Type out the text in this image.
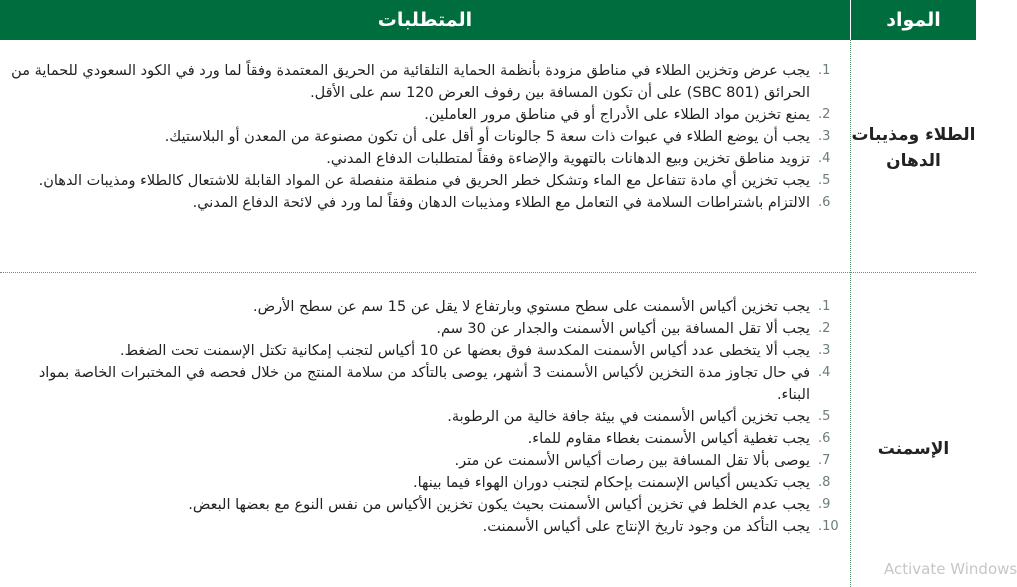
المتطلبات	المواد
الطلاء ومذيبات الدهان
الإسمنت
1.
يجب عرض وتخزين الطلاء في مناطق مزودة بأنظمة الحماية التلقائية من الحريق المعتمدة وفقاً لما ورد في الكود السعودي للحماية من الحرائق (SBC 801) على أن تكون المسافة بين رفوف العرض 120 سم على الأقل.
2.
يمنع تخزين مواد الطلاء على الأدراج أو في مناطق مرور العاملين.
3.
يجب أن يوضع الطلاء في عبوات ذات سعة 5 جالونات أو أقل على أن تكون مصنوعة من المعدن أو البلاستيك.
4.
تزويد مناطق تخزين وبيع الدهانات بالتهوية والإضاءة وفقاً لمتطلبات الدفاع المدني.
5.
يجب تخزين أي مادة تتفاعل مع الماء وتشكل خطر الحريق في منطقة منفصلة عن المواد القابلة للاشتعال كالطلاء ومذيبات الدهان.
6.
الالتزام باشتراطات السلامة في التعامل مع الطلاء ومذيبات الدهان وفقاً لما ورد في لائحة الدفاع المدني.
1.
يجب تخزين أكياس الأسمنت على سطح مستوي وبارتفاع لا يقل عن 15 سم عن سطح الأرض.
2.
يجب ألا تقل المسافة بين أكياس الأسمنت والجدار عن 30 سم.
3.
يجب ألا يتخطى عدد أكياس الأسمنت المكدسة فوق بعضها عن 10 أكياس لتجنب إمكانية تكتل الإسمنت تحت الضغط.
4.
في حال تجاوز مدة التخزين لأكياس الأسمنت 3 أشهر، يوصى بالتأكد من سلامة المنتج من خلال فحصه في المختبرات الخاصة بمواد البناء.
5.
يجب تخزين أكياس الأسمنت في بيئة جافة خالية من الرطوبة.
6.
يجب تغطية أكياس الأسمنت بغطاء مقاوم للماء.
7.
يوصى بألا تقل المسافة بين رصات أكياس الأسمنت عن متر.
8.
يجب تكديس أكياس الإسمنت بإحكام لتجنب دوران الهواء فيما بينها.
9.
يجب عدم الخلط في تخزين أكياس الأسمنت بحيث يكون تخزين الأكياس من نفس النوع مع بعضها البعض.
10.
يجب التأكد من وجود تاريخ الإنتاج على أكياس الأسمنت.
Activate Windows
